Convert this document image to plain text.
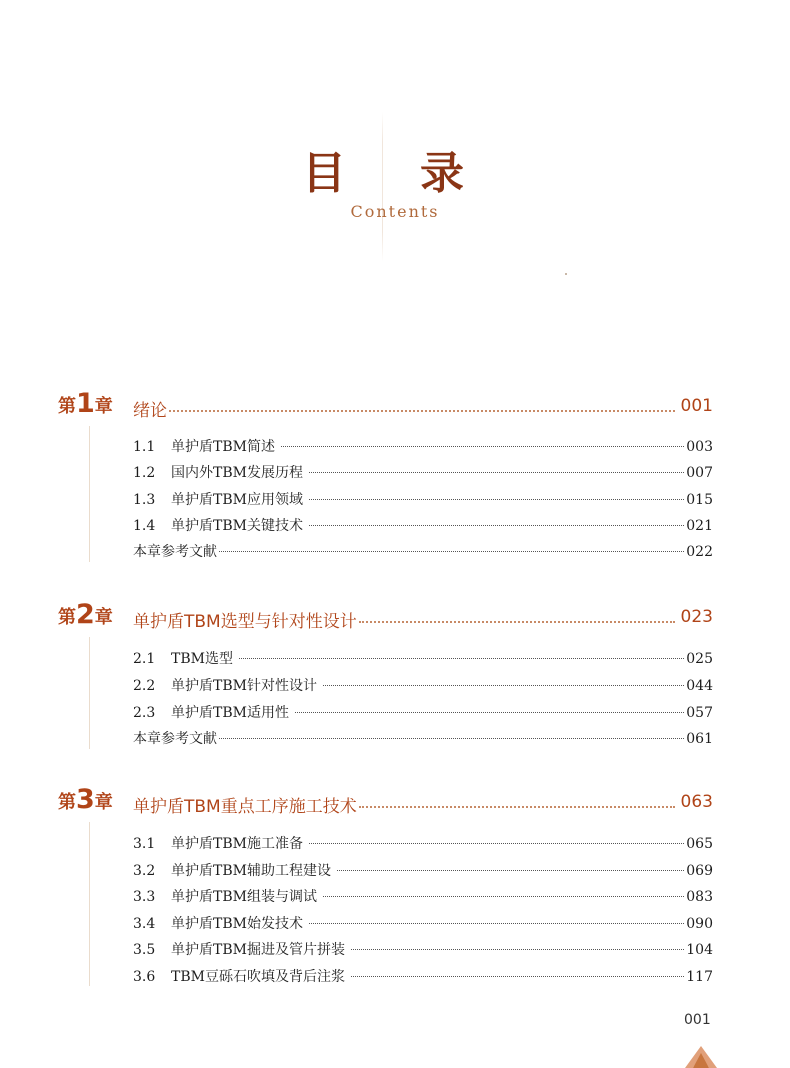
目 录
Contents
第1章 绪论	001
1.1	单护盾TBM简述	003
1.2	国内外TBM发展历程	007
1.3	单护盾TBM应用领域	015
1.4	单护盾TBM关键技术	021
本章参考文献	022
第2章 单护盾TBM选型与针对性设计	023
2.1	TBM选型	025
2.2	单护盾TBM针对性设计	044
2.3	单护盾TBM适用性	057
本章参考文献	061
第3章 单护盾TBM重点工序施工技术	063
3.1	单护盾TBM施工准备	065
3.2	单护盾TBM辅助工程建设	069
3.3	单护盾TBM组装与调试	083
3.4	单护盾TBM始发技术	090
3.5	单护盾TBM掘进及管片拼装	104
3.6	TBM豆砾石吹填及背后注浆	117
001
